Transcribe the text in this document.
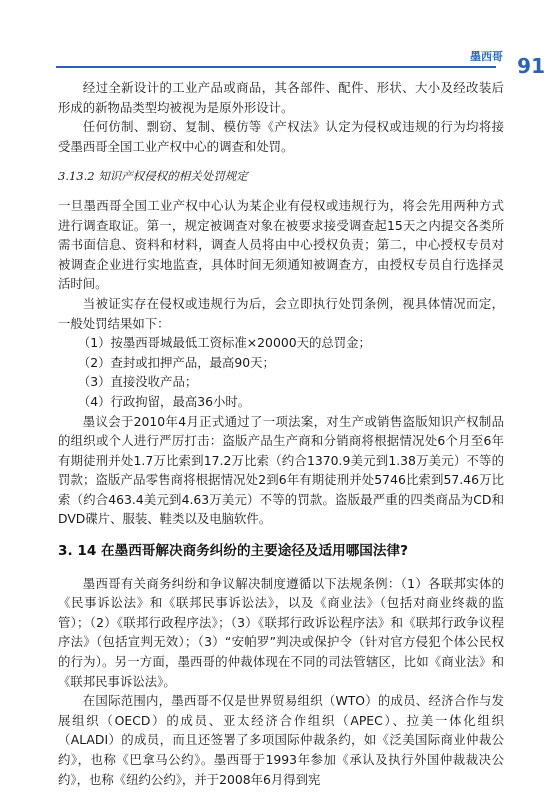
墨西哥 91

经过全新设计的工业产品或商品，其各部件、配件、形状、大小及经改装后形成的新物品类型均被视为是原外形设计。

任何仿制、剽窃、复制、模仿等《产权法》认定为侵权或违规的行为均将接受墨西哥全国工业产权中心的调查和处罚。

3.13.2 知识产权侵权的相关处罚规定

一旦墨西哥全国工业产权中心认为某企业有侵权或违规行为，将会先用两种方式进行调查取证。第一，规定被调查对象在被要求接受调查起15天之内提交各类所需书面信息、资料和材料，调查人员将由中心授权负责；第二，中心授权专员对被调查企业进行实地监查，具体时间无须通知被调查方，由授权专员自行选择灵活时间。

当被证实存在侵权或违规行为后，会立即执行处罚条例，视具体情况而定，一般处罚结果如下：

（1）按墨西哥城最低工资标准×20000天的总罚金；

（2）查封或扣押产品，最高90天；

（3）直接没收产品；

（4）行政拘留，最高36小时。

墨议会于2010年4月正式通过了一项法案，对生产或销售盗版知识产权制品的组织或个人进行严厉打击：盗版产品生产商和分销商将根据情况处6个月至6年有期徒刑并处1.7万比索到17.2万比索（约合1370.9美元到1.38万美元）不等的罚款；盗版产品零售商将根据情况处2到6年有期徒刑并处5746比索到57.46万比索（约合463.4美元到4.63万美元）不等的罚款。盗版最严重的四类商品为CD和DVD碟片、服装、鞋类以及电脑软件。

3. 14 在墨西哥解决商务纠纷的主要途径及适用哪国法律?

墨西哥有关商务纠纷和争议解决制度遵循以下法规条例：（1）各联邦实体的《民事诉讼法》和《联邦民事诉讼法》，以及《商业法》（包括对商业终裁的监管）；（2）《联邦行政程序法》；（3）《联邦行政诉讼程序法》和《联邦行政争议程序法》（包括宣判无效）；（3）“安帕罗”判决或保护令（针对官方侵犯个体公民权的行为）。另一方面，墨西哥的仲裁体现在不同的司法管辖区，比如《商业法》和《联邦民事诉讼法》。

在国际范围内，墨西哥不仅是世界贸易组织（WTO）的成员、经济合作与发展组织（OECD）的成员、亚太经济合作组织（APEC）、拉美一体化组织（ALADI）的成员，而且还签署了多项国际仲裁条约，如《泛美国际商业仲裁公约》，也称《巴拿马公约》。墨西哥于1993年参加《承认及执行外国仲裁裁决公约》，也称《纽约公约》，并于2008年6月得到宪
